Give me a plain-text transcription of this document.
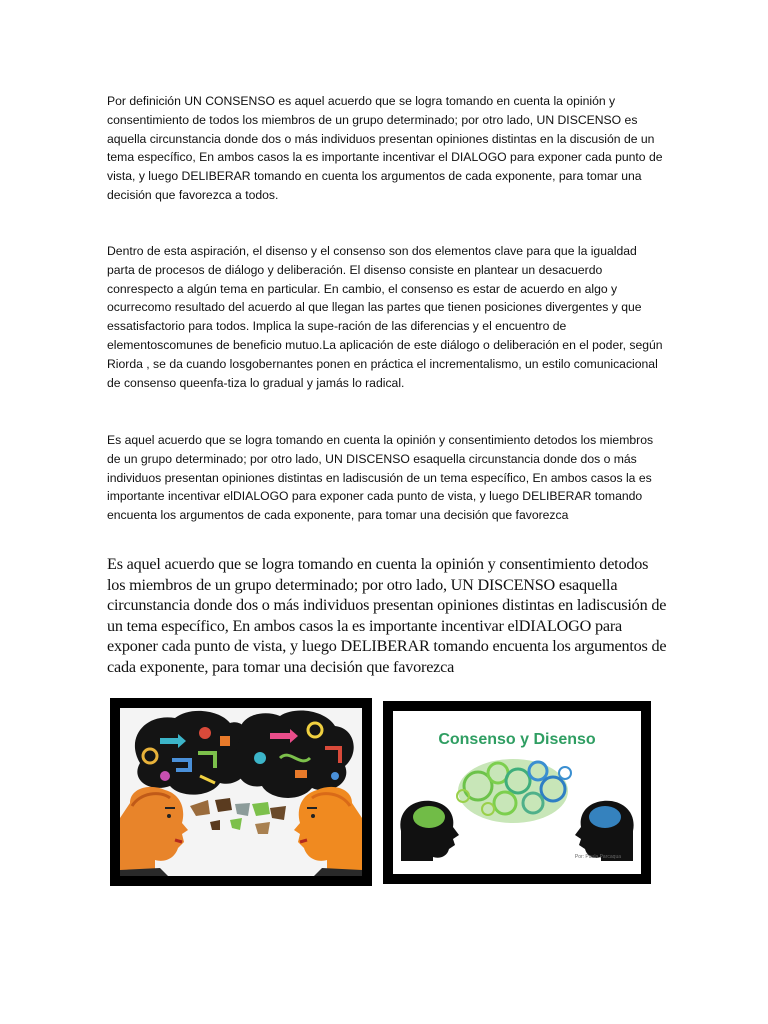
Por definición UN CONSENSO es aquel acuerdo que se logra tomando en cuenta la opinión y consentimiento de todos los miembros de un grupo determinado; por otro lado, UN DISCENSO es aquella circunstancia donde dos o más individuos presentan opiniones distintas en la discusión de un tema específico, En ambos casos la es importante incentivar el DIALOGO para exponer cada punto de vista, y luego DELIBERAR tomando en cuenta los argumentos de cada exponente, para tomar una decisión que favorezca a todos.

Dentro de esta aspiración, el disenso y el consenso son dos elementos clave para que la igualdad parta de procesos de diálogo y deliberación. El disenso consiste en plantear un desacuerdo conrespecto a algún tema en particular. En cambio, el consenso es estar de acuerdo en algo y ocurrecomo resultado del acuerdo al que llegan las partes que tienen posiciones divergentes y que essatisfactorio para todos. Implica la supe-ración de las diferencias y el encuentro de elementoscomunes de beneficio mutuo.La aplicación de este diálogo o deliberación en el poder, según Riorda , se da cuando losgobernantes ponen en práctica el incrementalismo, un estilo comunicacional de consenso queenfa-tiza lo gradual y jamás lo radical.

Es aquel acuerdo que se logra tomando en cuenta la opinión y consentimiento detodos los miembros de un grupo determinado; por otro lado, UN DISCENSO esaquella circunstancia donde dos o más individuos presentan opiniones distintas en ladiscusión de un tema específico, En ambos casos la es importante incentivar elDIALOGO para exponer cada punto de vista, y luego DELIBERAR tomando encuenta los argumentos de cada exponente, para tomar una decisión que favorezca

Es aquel acuerdo que se logra tomando en cuenta la opinión y consentimiento detodos los miembros de un grupo determinado; por otro lado, UN DISCENSO esaquella circunstancia donde dos o más individuos presentan opiniones distintas en ladiscusión de un tema específico, En ambos casos la es importante incentivar elDIALOGO para exponer cada punto de vista, y luego DELIBERAR tomando encuenta los argumentos de cada exponente, para tomar una decisión que favorezca

Consenso y Disenso
Por: Paula Parcaqua
